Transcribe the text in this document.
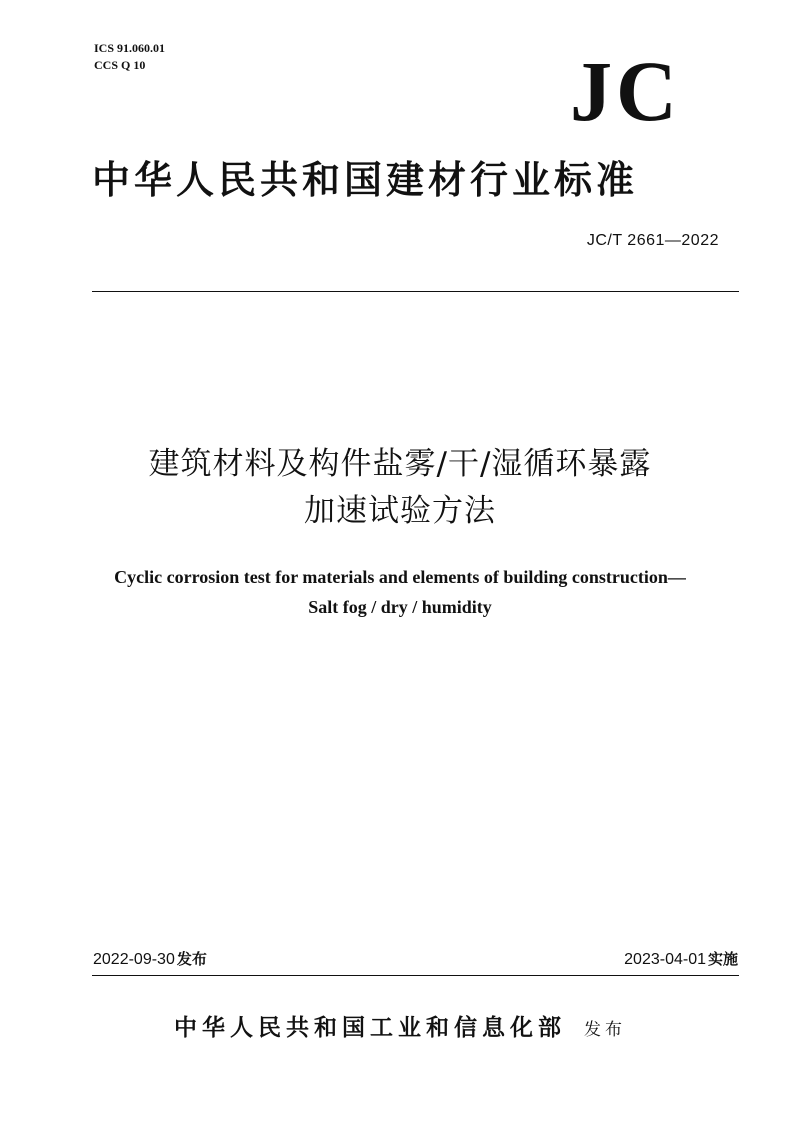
ICS 91.060.01
CCS Q 10	JC
中华人民共和国建材行业标准
JC/T 2661—2022
建筑材料及构件盐雾/干/湿循环暴露
加速试验方法
Cyclic corrosion test for materials and elements of building construction—
Salt fog / dry / humidity
2022-09-30 发布	2023-04-01 实施
中华人民共和国工业和信息化部 发布
